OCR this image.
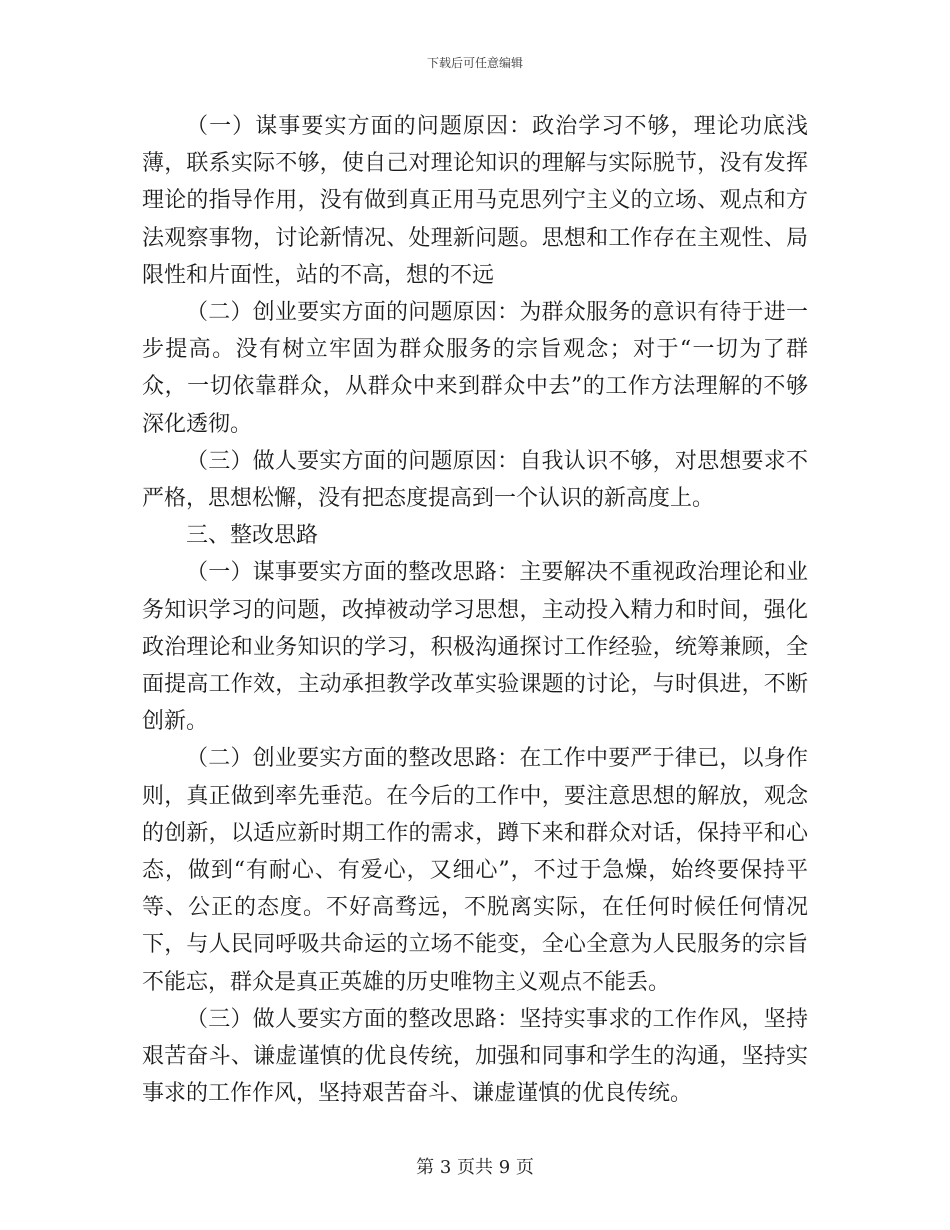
下载后可任意编辑

（一）谋事要实方面的问题原因：政治学习不够，理论功底浅薄，联系实际不够，使自己对理论知识的理解与实际脱节，没有发挥理论的指导作用，没有做到真正用马克思列宁主义的立场、观点和方法观察事物，讨论新情况、处理新问题。思想和工作存在主观性、局限性和片面性，站的不高，想的不远

（二）创业要实方面的问题原因：为群众服务的意识有待于进一步提高。没有树立牢固为群众服务的宗旨观念；对于“一切为了群众，一切依靠群众，从群众中来到群众中去”的工作方法理解的不够深化透彻。

（三）做人要实方面的问题原因：自我认识不够，对思想要求不严格，思想松懈，没有把态度提高到一个认识的新高度上。

三、整改思路

（一）谋事要实方面的整改思路：主要解决不重视政治理论和业务知识学习的问题，改掉被动学习思想，主动投入精力和时间，强化政治理论和业务知识的学习，积极沟通探讨工作经验，统筹兼顾，全面提高工作效，主动承担教学改革实验课题的讨论，与时俱进，不断创新。

（二）创业要实方面的整改思路：在工作中要严于律已，以身作则，真正做到率先垂范。在今后的工作中，要注意思想的解放，观念的创新，以适应新时期工作的需求，蹲下来和群众对话，保持平和心态，做到“有耐心、有爱心，又细心”，不过于急燥，始终要保持平等、公正的态度。不好高骛远，不脱离实际，在任何时候任何情况下，与人民同呼吸共命运的立场不能变，全心全意为人民服务的宗旨不能忘，群众是真正英雄的历史唯物主义观点不能丢。

（三）做人要实方面的整改思路：坚持实事求的工作作风，坚持艰苦奋斗、谦虚谨慎的优良传统，加强和同事和学生的沟通，坚持实事求的工作作风，坚持艰苦奋斗、谦虚谨慎的优良传统。

第 3 页共 9 页
